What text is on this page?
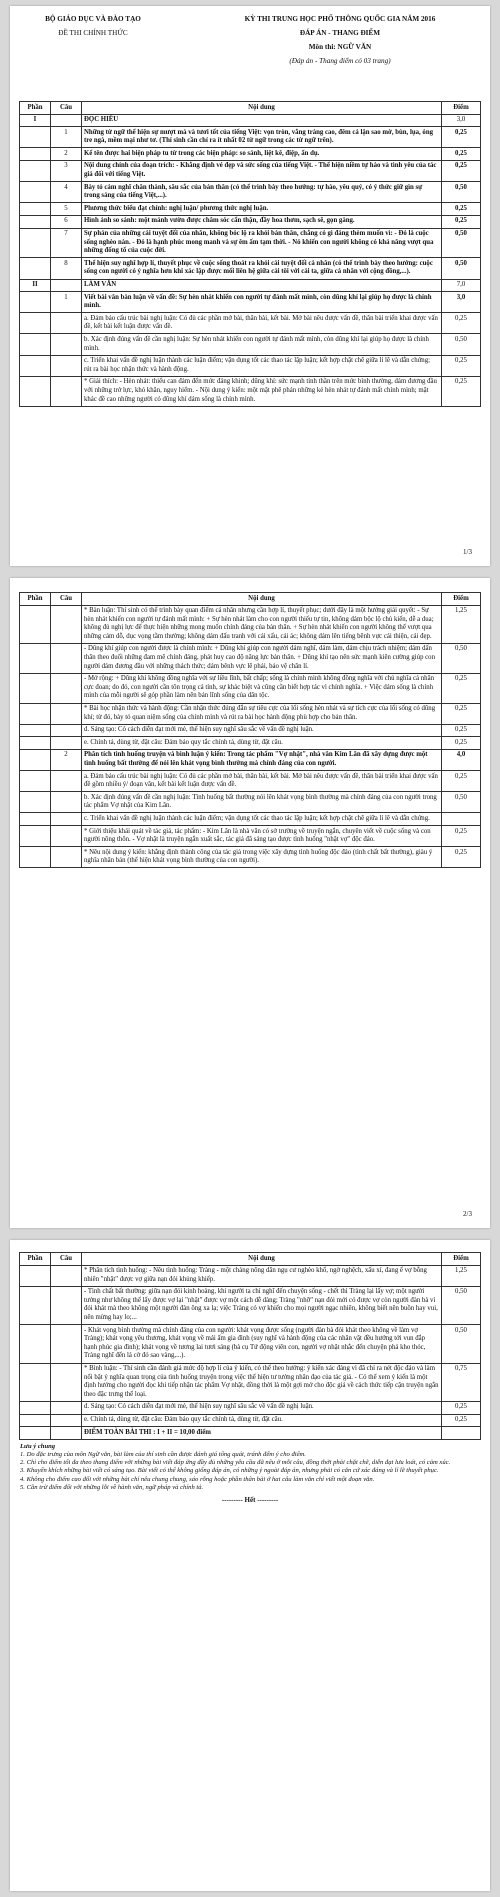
BỘ GIÁO DỤC VÀ ĐÀO TẠO
ĐỀ THI CHÍNH THỨC
KỲ THI TRUNG HỌC PHỔ THÔNG QUỐC GIA NĂM 2016
ĐÁP ÁN - THANG ĐIỂM
Môn thi: NGỮ VĂN
(Đáp án - Thang điểm có 03 trang)
Phần	Câu	Nội dung	Điểm
I		ĐỌC HIỂU	3,0
	1	Những từ ngữ thể hiện sự mượt mà và tươi tốt của tiếng Việt: vọn tròn, vẳng tràng cao, đêm cả lặn sao mờ, bùn, lụa, óng tre ngà, mềm mại như tơ. (Thí sinh cần chỉ ra ít nhất 02 từ ngữ trong các từ ngữ trên).	0,25
	2	Kể tên được hai biện pháp tu từ trong các biện pháp: so sánh, liệt kê, điệp, ẩn dụ.	0,25
	3	Nội dung chính của đoạn trích: - Khẳng định vẻ đẹp và sức sống của tiếng Việt. - Thể hiện niềm tự hào và tình yêu của tác giả đối với tiếng Việt.	0,25
	4	Bày tỏ cảm nghĩ chân thành, sâu sắc của bản thân (có thể trình bày theo hướng: tự hào, yêu quý, có ý thức giữ gìn sự trong sáng của tiếng Việt,...).	0,50
	5	Phương thức biểu đạt chính: nghị luận/ phương thức nghị luận.	0,25
	6	Hình ảnh so sánh: một mảnh vườn được chăm sóc cẩn thận, đầy hoa thơm, sạch sẽ, gọn gàng.	0,25
	7	Sự phản của những cái tuyệt đối của nhân, không bóc lộ ra khỏi bản thân, chẳng có gì đáng thèm muốn vì: - Đó là cuộc sống nghèo nàn. - Đó là hạnh phúc mong manh và sự êm ấm tạm thời. - Nó khiến con người không có khả năng vượt qua những đống tố của cuộc đời.	0,50
	8	Thể hiện suy nghĩ hợp lí, thuyết phục về cuộc sống thoát ra khỏi cái tuyệt đối cá nhân (có thể trình bày theo hướng: cuộc sống con người có ý nghĩa hơn khi xác lập được mối liên hệ giữa cái tôi với cái ta, giữa cá nhân với cộng đồng,...).	0,50
II		LÀM VĂN	7,0
	1	Viết bài văn bàn luận về vấn đề: Sự hèn nhát khiến con người tự đánh mất mình, còn dũng khí lại giúp họ được là chính mình.	3,0
		a. Đảm bảo cấu trúc bài nghị luận: Có đủ các phần mở bài, thân bài, kết bài. Mở bài nêu được vấn đề, thân bài triển khai được vấn đề, kết bài kết luận được vấn đề.	0,25
		b. Xác định đúng vấn đề cần nghị luận: Sự hèn nhát khiến con người tự đánh mất mình, còn dũng khí lại giúp họ được là chính mình.	0,50
		c. Triển khai vấn đề nghị luận thành các luận điểm; vận dụng tốt các thao tác lập luận; kết hợp chặt chẽ giữa lí lẽ và dẫn chứng; rút ra bài học nhận thức và hành động.	0,25
		* Giải thích: - Hèn nhát: thiếu can đảm đến mức đáng khinh; dũng khí: sức mạnh tinh thần trên mức bình thường, dám đương đầu với những trở lực, khó khăn, nguy hiểm. - Nội dung ý kiến: một mặt phê phán những kẻ hèn nhát tự đánh mất chính mình; mặt khác đề cao những người có dũng khí dám sống là chính mình.	0,25
1/3
Phần	Câu	Nội dung	Điểm
		* Bàn luận: Thí sinh có thể trình bày quan điểm cá nhân nhưng cần hợp lí, thuyết phục; dưới đây là một hướng giải quyết: - Sự hèn nhát khiến con người tự đánh mất mình: + Sự hèn nhát làm cho con người thiếu tự tin, không dám bộc lộ chủ kiến, dễ a dua; không đủ nghị lực để thực hiện những mong muốn chính đáng của bản thân. + Sự hèn nhát khiến con người không thể vượt qua những cám dỗ, dục vọng tầm thường; không dám đấu tranh với cái xấu, cái ác; không dám lên tiếng bênh vực cái thiện, cái đẹp.	1,25
		- Dũng khí giúp con người được là chính mình: + Dũng khí giúp con người dám nghĩ, dám làm, dám chịu trách nhiệm; dám dấn thân theo đuổi những đam mê chính đáng, phát huy cao độ năng lực bản thân. + Dũng khí tạo nên sức mạnh kiên cường giúp con người dám đương đầu với những thách thức; dám bênh vực lẽ phải, bảo vệ chân lí.	0,50
		- Mở rộng: + Dũng khí không đồng nghĩa với sự liều lĩnh, bất chấp; sống là chính mình không đồng nghĩa với chủ nghĩa cá nhân cực đoan; do đó, con người cần tôn trọng cá tính, sự khác biệt và cũng cần biết hợp tác vì chính nghĩa. + Việc dám sống là chính mình của mỗi người sẽ góp phần làm nên bản lĩnh sống của dân tộc.	0,25
		* Bài học nhận thức và hành động: Cần nhận thức đúng đắn sự tiêu cực của lối sống hèn nhát và sự tích cực của lối sống có dũng khí; từ đó, bày tỏ quan niệm sống của chính mình và rút ra bài học hành động phù hợp cho bản thân.	0,25
		d. Sáng tạo: Có cách diễn đạt mới mẻ, thể hiện suy nghĩ sâu sắc về vấn đề nghị luận.	0,25
		e. Chính tả, dùng từ, đặt câu: Đảm bảo quy tắc chính tả, dùng từ, đặt câu.	0,25
	2	Phân tích tình huống truyện và bình luận ý kiến: Trong tác phẩm "Vợ nhặt", nhà văn Kim Lân đã xây dựng được một tình huống bất thường để nói lên khát vọng bình thường mà chính đáng của con người.	4,0
		a. Đảm bảo cấu trúc bài nghị luận: Có đủ các phần mở bài, thân bài, kết bài. Mở bài nêu được vấn đề, thân bài triển khai được vấn đề gồm nhiều ý/ đoạn văn, kết bài kết luận được vấn đề.	0,25
		b. Xác định đúng vấn đề cần nghị luận: Tình huống bất thường nói lên khát vọng bình thường mà chính đáng của con người trong tác phẩm Vợ nhặt của Kim Lân.	0,50
		c. Triển khai vấn đề nghị luận thành các luận điểm; vận dụng tốt các thao tác lập luận; kết hợp chặt chẽ giữa lí lẽ và dẫn chứng.	
		* Giới thiệu khái quát về tác giả, tác phẩm: - Kim Lân là nhà văn có sở trường về truyện ngắn, chuyên viết về cuộc sống và con người nông thôn. - Vợ nhặt là truyện ngắn xuất sắc, tác giả đã sáng tạo được tình huống "nhặt vợ" độc đáo.	0,25
		* Nêu nội dung ý kiến: khẳng định thành công của tác giả trong việc xây dựng tình huống độc đáo (tình chất bất thường), giàu ý nghĩa nhân bản (thể hiện khát vọng bình thường của con người).	0,25
2/3
Phần	Câu	Nội dung	Điểm
		* Phân tích tình huống: - Nêu tình huống: Tràng - một chàng nông dân ngụ cư nghèo khổ, ngờ nghệch, xấu xí, đang ế vợ bỗng nhiên "nhặt" được vợ giữa nạn đói khủng khiếp.	1,25
		- Tình chất bất thường: giữa nạn đói kinh hoàng, khi người ta chỉ nghĩ đến chuyện sống - chết thì Tràng lại lấy vợ; một người tưởng như không thể lấy được vợ lại "nhặt" được vợ một cách dễ dàng; Tràng "nhỡ" nạn đói mới có được vợ còn người đàn bà vì đói khát mà theo không một người đàn ông xa lạ; việc Tràng có vợ khiến cho mọi người ngạc nhiên, không biết nên buồn hay vui, nên mừng hay lo;...	0,50
		- Khát vọng bình thường mà chính đáng của con người: khát vọng được sống (người đàn bà đói khát theo không về làm vợ Tràng); khát vọng yêu thương, khát vọng về mái ấm gia đình (suy nghĩ và hành động của các nhân vật đều hướng tới vun đắp hạnh phúc gia đình); khát vọng về tương lai tươi sáng (bà cụ Tứ động viên con, người vợ nhặt nhắc đến chuyện phá kho thóc, Tràng nghĩ đến lá cờ đỏ sao vàng,...).	0,50
		* Bình luận: - Thí sinh cần đánh giá mức độ hợp lí của ý kiến, có thể theo hướng: ý kiến xác đáng vì đã chỉ ra nét độc đáo và làm nổi bật ý nghĩa quan trọng của tình huống truyện trong việc thể hiện tư tưởng nhân đạo của tác giả. - Có thể xem ý kiến là một định hướng cho người đọc khi tiếp nhận tác phẩm Vợ nhặt, đồng thời là một gợi mở cho độc giả về cách thức tiếp cận truyện ngắn theo đặc trưng thể loại.	0,75
		d. Sáng tạo: Có cách diễn đạt mới mẻ, thể hiện suy nghĩ sâu sắc về vấn đề nghị luận.	0,25
		e. Chính tả, dùng từ, đặt câu: Đảm bảo quy tắc chính tả, dùng từ, đặt câu.	0,25
		ĐIỂM TOÀN BÀI THI : I + II = 10,00 điểm	
Lưu ý chung
1. Do đặc trưng của môn Ngữ văn, bài làm của thí sinh cần được đánh giá tổng quát, tránh đếm ý cho điểm.
2. Chỉ cho điểm tối đa theo thang điểm với những bài viết đáp ứng đầy đủ những yêu cầu đã nêu ở mỗi câu, đồng thời phải chặt chẽ, diễn đạt lưu loát, có cảm xúc.
3. Khuyến khích những bài viết có sáng tạo. Bài viết có thể không giống đáp án, có những ý ngoài đáp án, nhưng phải có căn cứ xác đáng và lí lẽ thuyết phục.
4. Không cho điểm cao đối với những bài chỉ nêu chung chung, sáo rỗng hoặc phần thân bài ở hai câu làm văn chỉ viết một đoạn văn.
5. Cần trừ điểm đối với những lỗi về hành văn, ngữ pháp và chính tả.
--------- Hết ---------
